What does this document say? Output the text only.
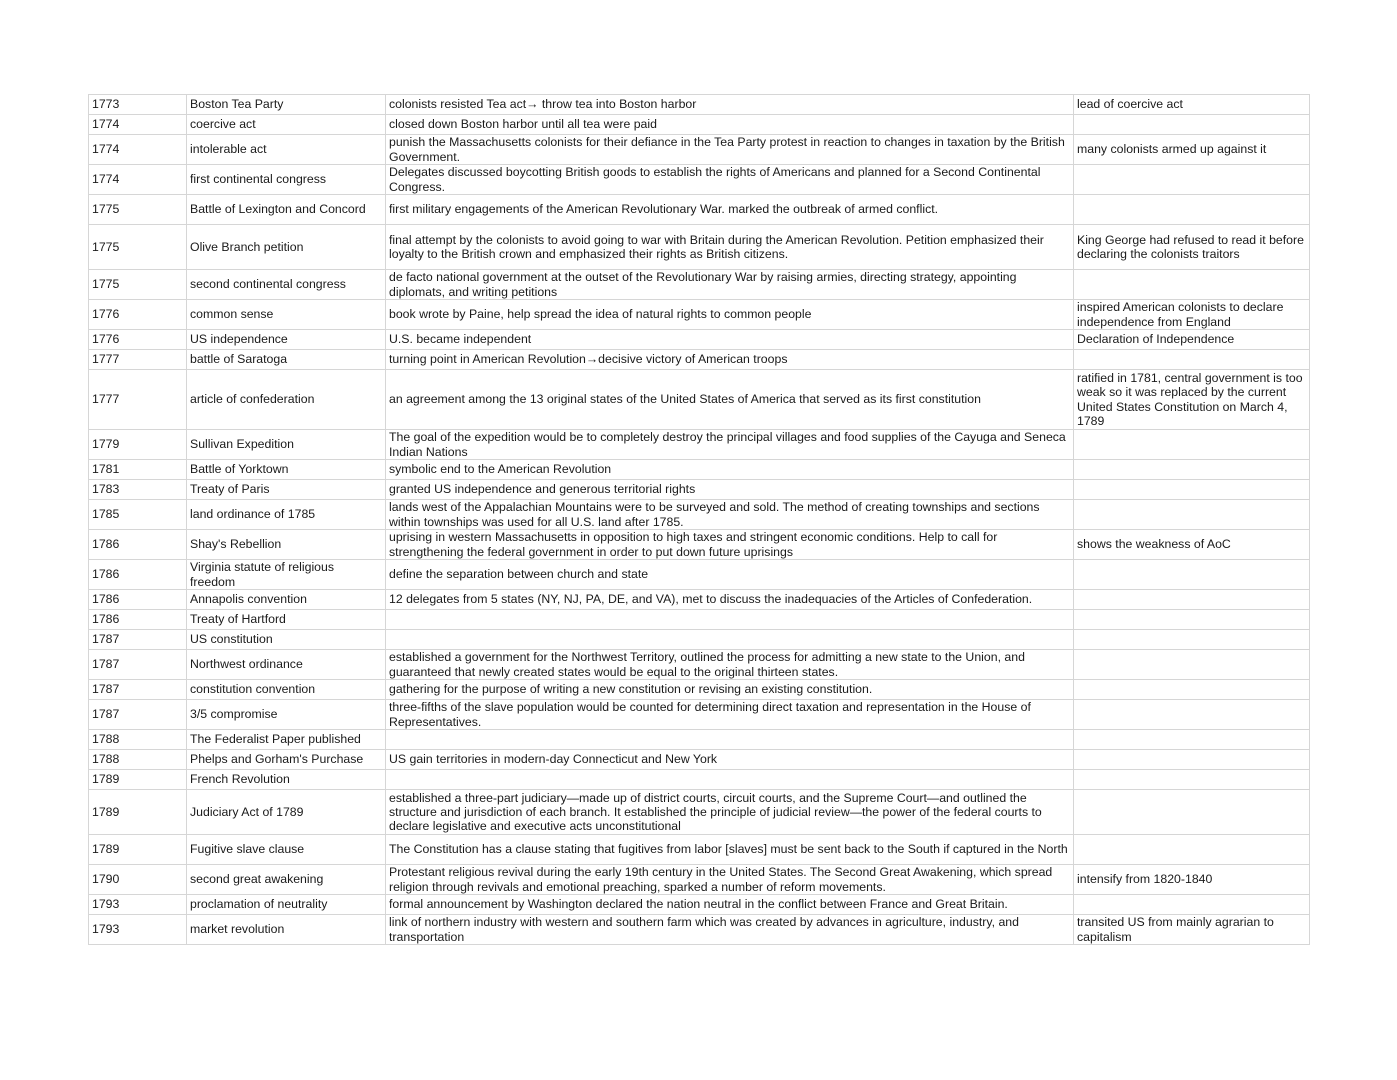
1773	Boston Tea Party	colonists resisted Tea act→ throw tea into Boston harbor	lead of coercive act
1774	coercive act	closed down Boston harbor until all tea were paid	
1774	intolerable act	punish the Massachusetts colonists for their defiance in the Tea Party protest in reaction to changes in taxation by the British Government.	many colonists armed up against it
1774	first continental congress	Delegates discussed boycotting British goods to establish the rights of Americans and planned for a Second Continental Congress.	
1775	Battle of Lexington and Concord	first military engagements of the American Revolutionary War. marked the outbreak of armed conflict.	
1775	Olive Branch petition	final attempt by the colonists to avoid going to war with Britain during the American Revolution. Petition emphasized their loyalty to the British crown and emphasized their rights as British citizens.	King George had refused to read it before declaring the colonists traitors
1775	second continental congress	de facto national government at the outset of the Revolutionary War by raising armies, directing strategy, appointing diplomats, and writing petitions	
1776	common sense	book wrote by Paine, help spread the idea of natural rights to common people	inspired American colonists to declare independence from England
1776	US independence	U.S. became independent	Declaration of Independence
1777	battle of Saratoga	turning point in American Revolution→decisive victory of American troops	
1777	article of confederation	an agreement among the 13 original states of the United States of America that served as its first constitution	ratified in 1781, central government is too weak so it was replaced by the current United States Constitution on March 4, 1789
1779	Sullivan Expedition	The goal of the expedition would be to completely destroy the principal villages and food supplies of the Cayuga and Seneca Indian Nations	
1781	Battle of Yorktown	symbolic end to the American Revolution	
1783	Treaty of Paris	granted US independence and generous territorial rights	
1785	land ordinance of 1785	lands west of the Appalachian Mountains were to be surveyed and sold. The method of creating townships and sections within townships was used for all U.S. land after 1785.	
1786	Shay's Rebellion	uprising in western Massachusetts in opposition to high taxes and stringent economic conditions. Help to call for strengthening the federal government in order to put down future uprisings	shows the weakness of AoC
1786	Virginia statute of religious freedom	define the separation between church and state	
1786	Annapolis convention	12 delegates from 5 states (NY, NJ, PA, DE, and VA), met to discuss the inadequacies of the Articles of Confederation.	
1786	Treaty of Hartford		
1787	US constitution		
1787	Northwest ordinance	established a government for the Northwest Territory, outlined the process for admitting a new state to the Union, and guaranteed that newly created states would be equal to the original thirteen states.	
1787	constitution convention	gathering for the purpose of writing a new constitution or revising an existing constitution.	
1787	3/5 compromise	three-fifths of the slave population would be counted for determining direct taxation and representation in the House of Representatives.	
1788	The Federalist Paper published		
1788	Phelps and Gorham's Purchase	US gain territories in modern-day Connecticut and New York	
1789	French Revolution		
1789	Judiciary Act of 1789	established a three-part judiciary—made up of district courts, circuit courts, and the Supreme Court—and outlined the structure and jurisdiction of each branch. It established the principle of judicial review—the power of the federal courts to declare legislative and executive acts unconstitutional	
1789	Fugitive slave clause	The Constitution has a clause stating that fugitives from labor [slaves] must be sent back to the South if captured in the North	
1790	second great awakening	Protestant religious revival during the early 19th century in the United States. The Second Great Awakening, which spread religion through revivals and emotional preaching, sparked a number of reform movements.	intensify from 1820-1840
1793	proclamation of neutrality	formal announcement by Washington declared the nation neutral in the conflict between France and Great Britain.	
1793	market revolution	link of northern industry with western and southern farm which was created by advances in agriculture, industry, and transportation	transited US from mainly agrarian to capitalism
